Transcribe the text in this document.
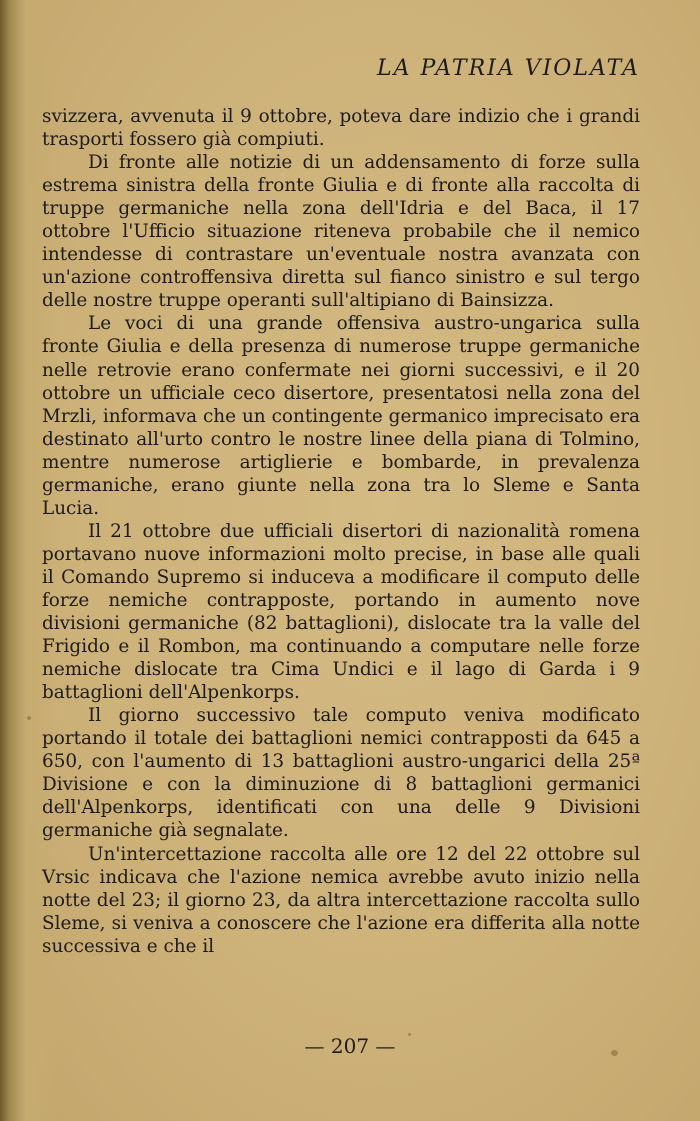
LA PATRIA VIOLATA

svizzera, avvenuta il 9 ottobre, poteva dare indizio che i grandi trasporti fossero già compiuti.

Di fronte alle notizie di un addensamento di forze sulla estrema sinistra della fronte Giulia e di fronte alla raccolta di truppe germaniche nella zona dell'Idria e del Baca, il 17 ottobre l'Ufficio situazione riteneva probabile che il nemico intendesse di contrastare un'eventuale nostra avanzata con un'azione controffensiva diretta sul fianco sinistro e sul tergo delle nostre truppe operanti sull'altipiano di Bainsizza.

Le voci di una grande offensiva austro-ungarica sulla fronte Giulia e della presenza di numerose truppe germaniche nelle retrovie erano confermate nei giorni successivi, e il 20 ottobre un ufficiale ceco disertore, presentatosi nella zona del Mrzli, informava che un contingente germanico imprecisato era destinato all'urto contro le nostre linee della piana di Tolmino, mentre numerose artiglierie e bombarde, in prevalenza germaniche, erano giunte nella zona tra lo Sleme e Santa Lucia.

Il 21 ottobre due ufficiali disertori di nazionalità romena portavano nuove informazioni molto precise, in base alle quali il Comando Supremo si induceva a modificare il computo delle forze nemiche contrapposte, portando in aumento nove divisioni germaniche (82 battaglioni), dislocate tra la valle del Frigido e il Rombon, ma continuando a computare nelle forze nemiche dislocate tra Cima Undici e il lago di Garda i 9 battaglioni dell'Alpenkorps.

Il giorno successivo tale computo veniva modificato portando il totale dei battaglioni nemici contrapposti da 645 a 650, con l'aumento di 13 battaglioni austro-ungarici della 25ª Divisione e con la diminuzione di 8 battaglioni germanici dell'Alpenkorps, identificati con una delle 9 Divisioni germaniche già segnalate.

Un'intercettazione raccolta alle ore 12 del 22 ottobre sul Vrsic indicava che l'azione nemica avrebbe avuto inizio nella notte del 23; il giorno 23, da altra intercettazione raccolta sullo Sleme, si veniva a conoscere che l'azione era differita alla notte successiva e che il

— 207 —
